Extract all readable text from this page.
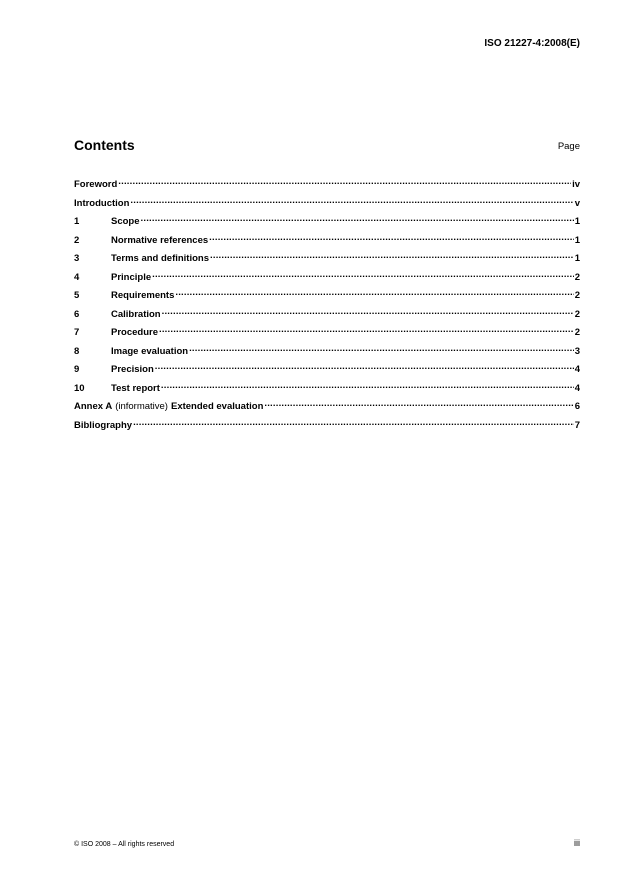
ISO 21227-4:2008(E)
Contents	Page
Foreword .....	iv
Introduction .....	v
1	Scope .....	1
2	Normative references .....	1
3	Terms and definitions .....	1
4	Principle .....	2
5	Requirements .....	2
6	Calibration .....	2
7	Procedure .....	2
8	Image evaluation .....	3
9	Precision .....	4
10	Test report .....	4
Annex A (informative) Extended evaluation .....	6
Bibliography .....	7
© ISO 2008 – All rights reserved	iii
